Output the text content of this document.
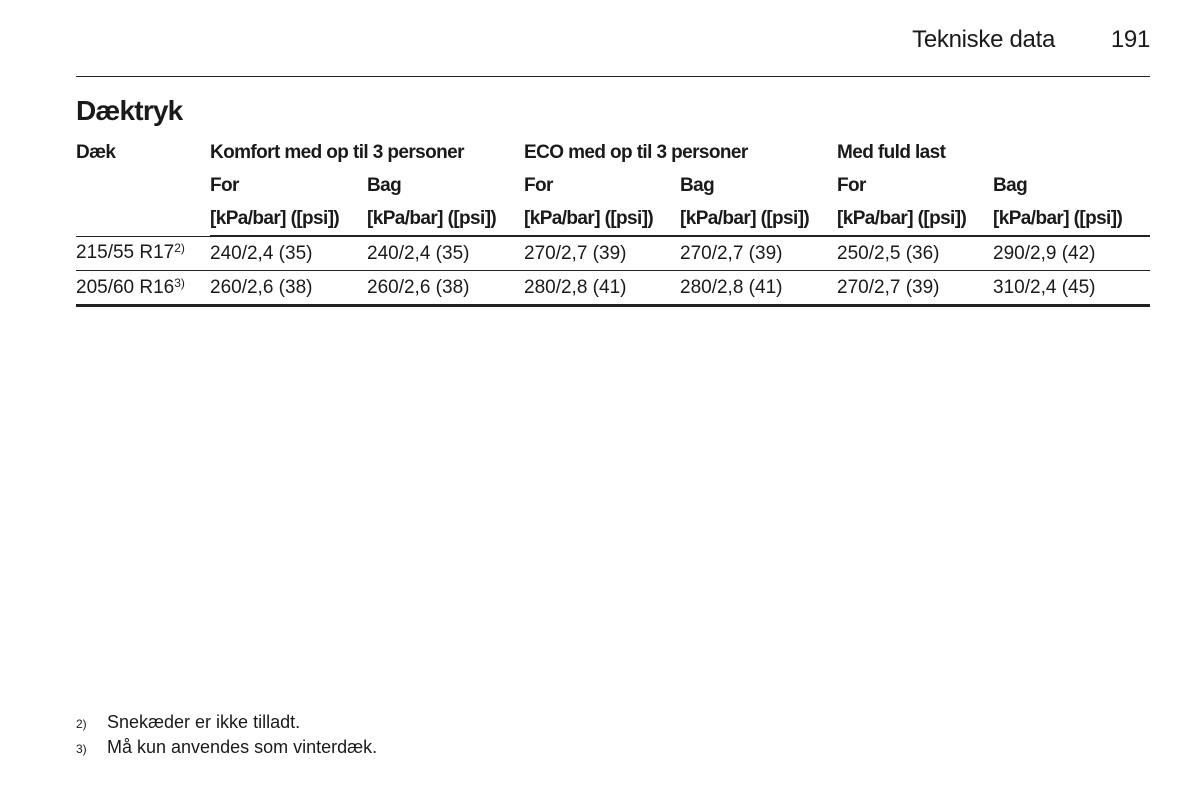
Tekniske data 191
Dæktryk
Dæk	Komfort med op til 3 personer		ECO med op til 3 personer		Med fuld last	
	For	Bag	For	Bag	For	Bag
	[kPa/bar] ([psi])	[kPa/bar] ([psi])	[kPa/bar] ([psi])	[kPa/bar] ([psi])	[kPa/bar] ([psi])	[kPa/bar] ([psi])
215/55 R17$^{2)}$	240/2,4 (35)	240/2,4 (35)	270/2,7 (39)	270/2,7 (39)	250/2,5 (36)	290/2,9 (42)
205/60 R16$^{3)}$	260/2,6 (38)	260/2,6 (38)	280/2,8 (41)	280/2,8 (41)	270/2,7 (39)	310/2,4 (45)
2)	Snekæder er ikke tilladt.
3)	Må kun anvendes som vinterdæk.
